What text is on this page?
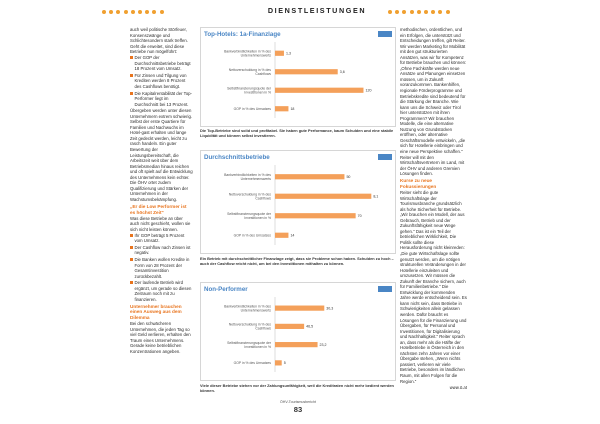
DIENSTLEISTUNGEN

auch weil politische Störfeuer, Konsenszwänge und Schlichtesondern stark treffen. Geht die erweitet, sind diese Betriebe nun mögelführt:

Der GOP der Durchschnittsbetriebe beträgt 18 Prozent vom Umsatz.
Für Zinsen und Tilgung von Krediten werden 8 Prozent des Cashflows benötigt.
Die Kapitalrentabilität der Top-Performer liegt im Durchschnitt bei 13 Prozent.

Übergeben werden unter diesen Unternehmern extrem schwierig. Selbst der erste Quartiere für Familien und Nachwuchs im Hotel-gast erhalten und lange Zeit gedeckt werden, leicht zu rasch handeln. Ein guter Bewertung der Leistungsbereitschaft, die Arbeitszeit weit über dem Betriebsmedian hinaus reichen und oft spielt auf die Entwicklung des Unternehmens kein echter. Die ÖHV ortet zudem Qualifizierung und Stärken der Unternehmen in der Wachstumsbekämpfung.

„Er die Low Performer ist es höchst Zeit"

Was diese Betriebe an über auch nicht geschieht, wollen sie sich nicht leisten können.

Ihr GOP beträgt 5 Prozent vom Umsatz.
Der Cashflow nach Zinsen ist negativ.
Die Banken wollen Kredite in Form von 28 Prozent der Gesamtinvestition zurückbezahlt.
Der laufende Betrieb wird ergänzt, um gerade so diesen Zeitraum noch mit zu finanzieren.
Unternehmer brauchen einen Ausweg aus dem Dilemma

Bei den schwächeren Unternehmen, die jeden Tag so viel Geld verlieren, erhalten den Traum eines Unternehmens. Gerade keine betrieblichen Konzentrationen angeben.

Top-Hotels: 1a-Finanzlage
Bankverbindlichkeiten in % des Unternehmenswerts	1,3
Nettoverschuldung in % des Cashflows	3,6
Selbstfinanzierungsquote der Investitionen in %	120
GOP in % des Umsatzes	18
Die Top-Betriebe sind solid und profitabel. Sie haben gute Performance, kaum Schulden und eine stabile Liquidität und können selbst investieren.
Durchschnittsbetriebe
Bankverbindlichkeiten in % des Unternehmenswerts	50
Nettoverschuldung in % des Cashflows	8,1
Selbstfinanzierungsquote der Investitionen in %	70
GOP in % des Umsatzes	14
Ein Betrieb mit durchschnittlicher Finanzlage zeigt, dass sie Probleme schon haben. Schulden zu hoch – auch der Cashflow reicht nicht, um bei den Investitionen mithalten zu können.
Non-Performer
Bankverbindlichkeiten in % des Unternehmenswerts	30,3
Nettoverschuldung in % des Cashflows	46,5
Selbstfinanzierungsquote der Investitionen in %	23,2
GOP in % des Umsatzes	5
Viele dieser Betriebe stehen vor der Zahlungsunfähigkeit, weil die Kreditraten nicht mehr bedient werden können.

methodischen, ordentlichen, und ein Erfolgen, die unterstützt und Entscheidungen treffen, gilt Reiter. Wir werden Marketing für Mobilität mit den gut strukturierten Ansätzen, was wir für Kompetenz für Betriebe brauchen und können: „Ohne Fachkräfte werden neue Ansätze und Planungen einsetzen müssen, um in Zukunft voranzukommen. Bankenhilfen, regionale Förderprogramme und Betriebskredite sind bedeutend für die Stärkung der Branche. Wie kann uns die Schweiz oder Tirol hier unterstützen mit ihren Programmen? Wir brauchen Modelle, die eine alternative Nutzung von Grundstücken eröffnen, oder alternative Geschäftsmodelle entwickeln, „die sich für Hotellerie einbringen und eine neue Perspektive schaffen." Reiter will mit den Wirtschaftsvertretern im Land, mit der ÖHV und anderen Gremien Lösungen finden.

Kurse zu neue Fokussierungen

Reiter sieht die gute Wirtschaftslage der Tourismusbranche grundsätzlich als hohe Sicherheit für Betriebe. „Wir brauchen ein Modell, der aus Gebrauch, Betrieb und der Zukunftsfähigkeit neue Wege gehen." Das ist ein Teil der betrieblichen Wirklichkeit, Die Politik sollte diese Herausforderung nicht kleinreden: „Die gute Wirtschaftslage sollte genutzt werden, um die nötigen strukturellen Veränderungen in der Hotellerie einzuleiten und umzusetzen. Wir müssen die Zukunft der Branche sichern, auch für Familienbetriebe." Die Entwicklung der kommenden Jahre werde entscheidend sein. Es kann nicht sein, dass Betriebe in Schwierigkeiten allein gelassen werden. Dafür braucht es Lösungen für die Finanzierung und Übergaben, für Personal und Investitionen, für Digitalisierung und Nachhaltigkeit." Reiter sprach an, dass mehr als die Hälfte der Hotelbetriebe in Österreich in den nächsten zehn Jahren vor einer Übergabe stehen, „Wenn nichts passiert, verlieren wir viele Betriebe, besonders im ländlichen Raum, mit allen Folgen für die Region."

www.ö.at
ÖHV-Tourismusbericht
83
